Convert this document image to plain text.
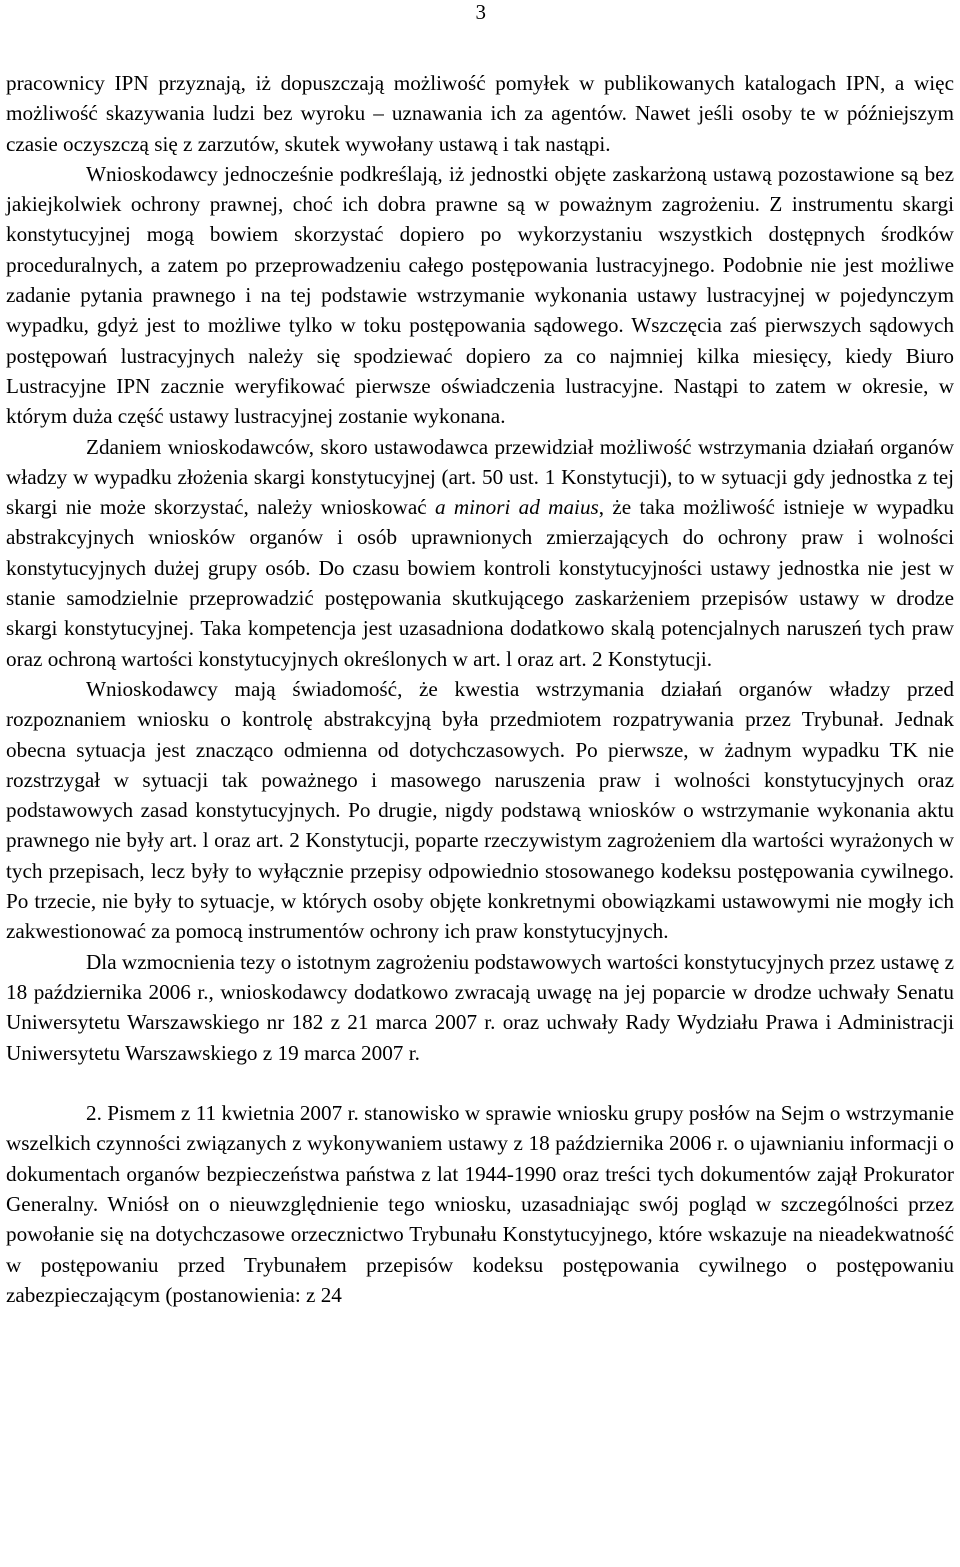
3

pracownicy IPN przyznają, iż dopuszczają możliwość pomyłek w publikowanych katalogach IPN, a więc możliwość skazywania ludzi bez wyroku – uznawania ich za agentów. Nawet jeśli osoby te w późniejszym czasie oczyszczą się z zarzutów, skutek wywołany ustawą i tak nastąpi.

Wnioskodawcy jednocześnie podkreślają, iż jednostki objęte zaskarżoną ustawą pozostawione są bez jakiejkolwiek ochrony prawnej, choć ich dobra prawne są w poważnym zagrożeniu. Z instrumentu skargi konstytucyjnej mogą bowiem skorzystać dopiero po wykorzystaniu wszystkich dostępnych środków proceduralnych, a zatem po przeprowadzeniu całego postępowania lustracyjnego. Podobnie nie jest możliwe zadanie pytania prawnego i na tej podstawie wstrzymanie wykonania ustawy lustracyjnej w pojedynczym wypadku, gdyż jest to możliwe tylko w toku postępowania sądowego. Wszczęcia zaś pierwszych sądowych postępowań lustracyjnych należy się spodziewać dopiero za co najmniej kilka miesięcy, kiedy Biuro Lustracyjne IPN zacznie weryfikować pierwsze oświadczenia lustracyjne. Nastąpi to zatem w okresie, w którym duża część ustawy lustracyjnej zostanie wykonana.

Zdaniem wnioskodawców, skoro ustawodawca przewidział możliwość wstrzymania działań organów władzy w wypadku złożenia skargi konstytucyjnej (art. 50 ust. 1 Konstytucji), to w sytuacji gdy jednostka z tej skargi nie może skorzystać, należy wnioskować a minori ad maius, że taka możliwość istnieje w wypadku abstrakcyjnych wniosków organów i osób uprawnionych zmierzających do ochrony praw i wolności konstytucyjnych dużej grupy osób. Do czasu bowiem kontroli konstytucyjności ustawy jednostka nie jest w stanie samodzielnie przeprowadzić postępowania skutkującego zaskarżeniem przepisów ustawy w drodze skargi konstytucyjnej. Taka kompetencja jest uzasadniona dodatkowo skalą potencjalnych naruszeń tych praw oraz ochroną wartości konstytucyjnych określonych w art. l oraz art. 2 Konstytucji.

Wnioskodawcy mają świadomość, że kwestia wstrzymania działań organów władzy przed rozpoznaniem wniosku o kontrolę abstrakcyjną była przedmiotem rozpatrywania przez Trybunał. Jednak obecna sytuacja jest znacząco odmienna od dotychczasowych. Po pierwsze, w żadnym wypadku TK nie rozstrzygał w sytuacji tak poważnego i masowego naruszenia praw i wolności konstytucyjnych oraz podstawowych zasad konstytucyjnych. Po drugie, nigdy podstawą wniosków o wstrzymanie wykonania aktu prawnego nie były art. l oraz art. 2 Konstytucji, poparte rzeczywistym zagrożeniem dla wartości wyrażonych w tych przepisach, lecz były to wyłącznie przepisy odpowiednio stosowanego kodeksu postępowania cywilnego. Po trzecie, nie były to sytuacje, w których osoby objęte konkretnymi obowiązkami ustawowymi nie mogły ich zakwestionować za pomocą instrumentów ochrony ich praw konstytucyjnych.

Dla wzmocnienia tezy o istotnym zagrożeniu podstawowych wartości konstytucyjnych przez ustawę z 18 października 2006 r., wnioskodawcy dodatkowo zwracają uwagę na jej poparcie w drodze uchwały Senatu Uniwersytetu Warszawskiego nr 182 z 21 marca 2007 r. oraz uchwały Rady Wydziału Prawa i Administracji Uniwersytetu Warszawskiego z 19 marca 2007 r.

2. Pismem z 11 kwietnia 2007 r. stanowisko w sprawie wniosku grupy posłów na Sejm o wstrzymanie wszelkich czynności związanych z wykonywaniem ustawy z 18 października 2006 r. o ujawnianiu informacji o dokumentach organów bezpieczeństwa państwa z lat 1944-1990 oraz treści tych dokumentów zajął Prokurator Generalny. Wniósł on o nieuwzględnienie tego wniosku, uzasadniając swój pogląd w szczególności przez powołanie się na dotychczasowe orzecznictwo Trybunału Konstytucyjnego, które wskazuje na nieadekwatność w postępowaniu przed Trybunałem przepisów kodeksu postępowania cywilnego o postępowaniu zabezpieczającym (postanowienia: z 24
